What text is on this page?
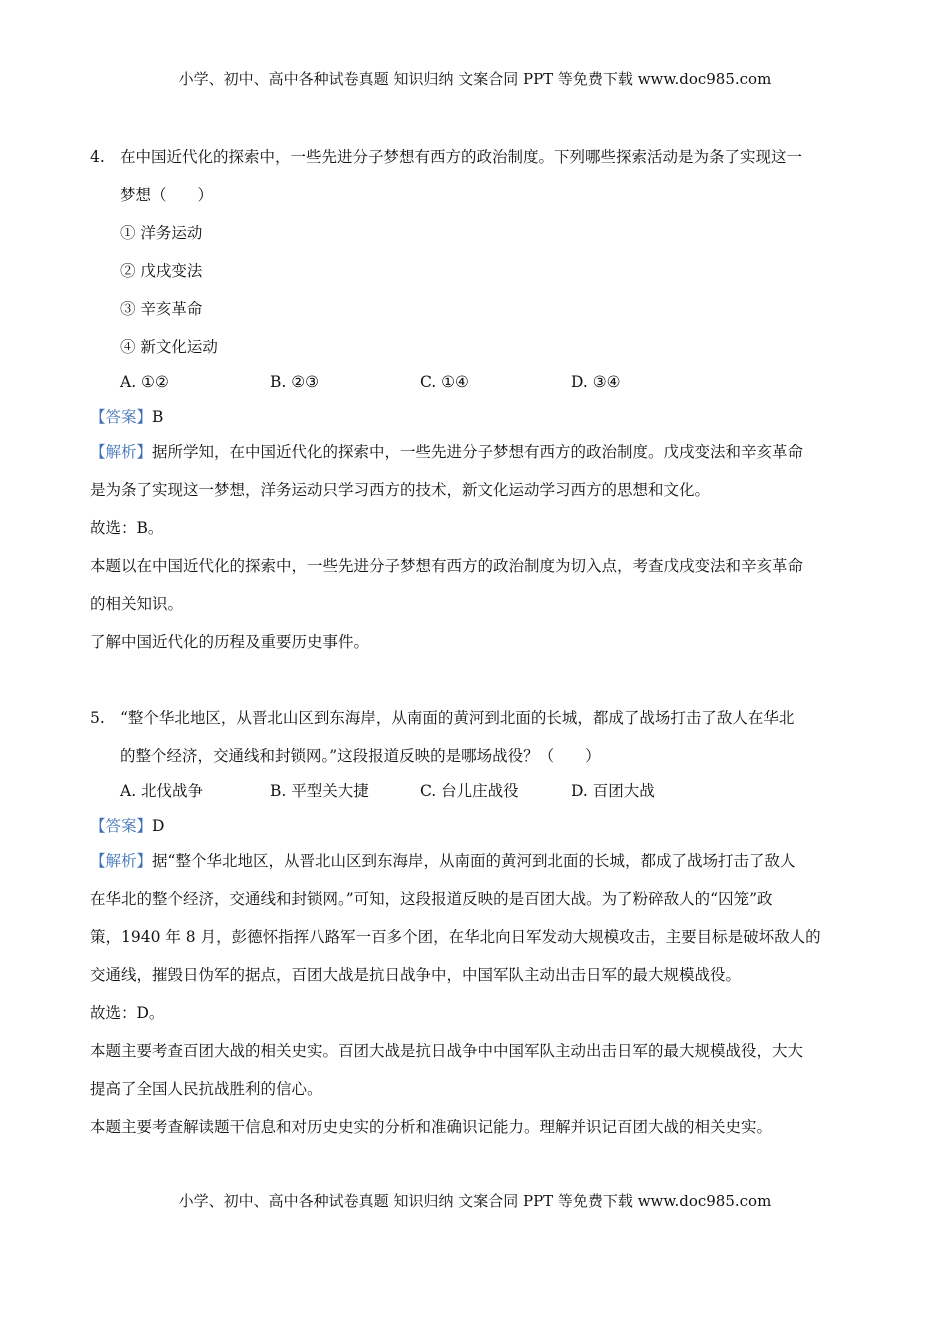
小学、初中、高中各种试卷真题 知识归纳 文案合同 PPT 等免费下载 www.doc985.com
4. 在中国近代化的探索中，一些先进分子梦想有西方的政治制度。下列哪些探索活动是为条了实现这一
梦想（　　）
① 洋务运动
② 戊戌变法
③ 辛亥革命
④ 新文化运动
A. ①②	B. ②③	C. ①④	D. ③④
【答案】B
【解析】据所学知，在中国近代化的探索中，一些先进分子梦想有西方的政治制度。戊戌变法和辛亥革命
是为条了实现这一梦想，洋务运动只学习西方的技术，新文化运动学习西方的思想和文化。
故选：B。
本题以在中国近代化的探索中，一些先进分子梦想有西方的政治制度为切入点，考查戊戌变法和辛亥革命
的相关知识。
了解中国近代化的历程及重要历史事件。
5. “整个华北地区，从晋北山区到东海岸，从南面的黄河到北面的长城，都成了战场打击了敌人在华北
的整个经济，交通线和封锁网。”这段报道反映的是哪场战役？（　　）
A. 北伐战争	B. 平型关大捷	C. 台儿庄战役	D. 百团大战
【答案】D
【解析】据“整个华北地区，从晋北山区到东海岸，从南面的黄河到北面的长城，都成了战场打击了敌人
在华北的整个经济，交通线和封锁网。”可知，这段报道反映的是百团大战。为了粉碎敌人的“囚笼”政
策，1940 年 8 月，彭德怀指挥八路军一百多个团，在华北向日军发动大规模攻击，主要目标是破坏敌人的
交通线，摧毁日伪军的据点，百团大战是抗日战争中，中国军队主动出击日军的最大规模战役。
故选：D。
本题主要考查百团大战的相关史实。百团大战是抗日战争中中国军队主动出击日军的最大规模战役，大大
提高了全国人民抗战胜利的信心。
本题主要考查解读题干信息和对历史史实的分析和准确识记能力。理解并识记百团大战的相关史实。
小学、初中、高中各种试卷真题 知识归纳 文案合同 PPT 等免费下载 www.doc985.com
